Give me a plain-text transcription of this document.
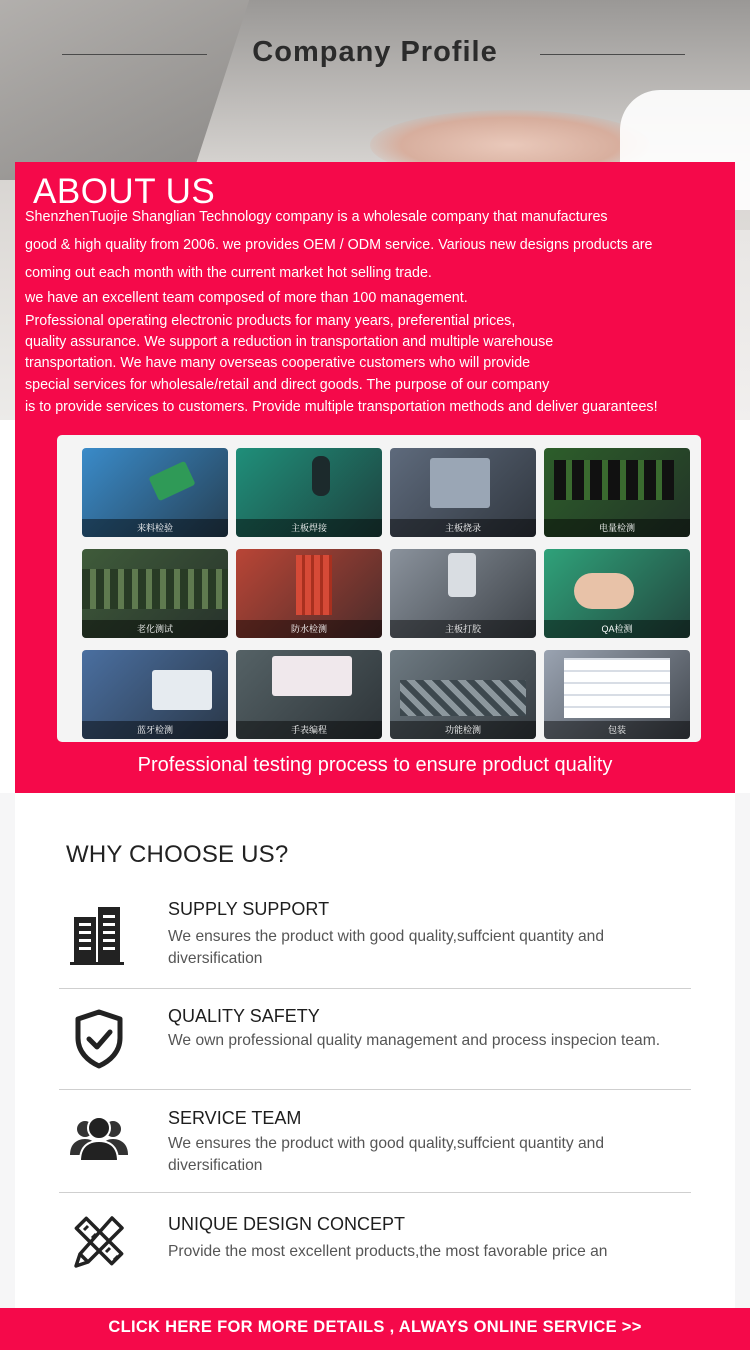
Company Profile
ABOUT US
ShenzhenTuojie Shanglian Technology company is a wholesale company that manufactures
good & high quality from 2006. we provides OEM / ODM service. Various new designs products are
coming out each month with the current market hot selling trade.
we have an excellent team composed of more than 100 management.
Professional operating electronic products for many years, preferential prices,
quality assurance. We support a reduction in transportation and multiple warehouse
transportation. We have many overseas cooperative customers who will provide
special services for wholesale/retail and direct goods. The purpose of our company
is to provide services to customers. Provide multiple transportation methods and deliver guarantees!
来料检验	主板焊接	主板烧录	电量检测
老化测试	防水检测	主板打胶	QA检测
蓝牙检测	手表编程	功能检测	包装
Professional testing process to ensure product quality
WHY CHOOSE US?
SUPPLY SUPPORT
We ensures the product with good quality,suffcient quantity and diversification
QUALITY SAFETY
We own professional quality management and process inspecion team.
SERVICE TEAM
We ensures the product with good quality,suffcient quantity and diversification
UNIQUE DESIGN CONCEPT
Provide the most excellent products,the most favorable price an
CLICK HERE FOR MORE DETAILS , ALWAYS ONLINE SERVICE >>
